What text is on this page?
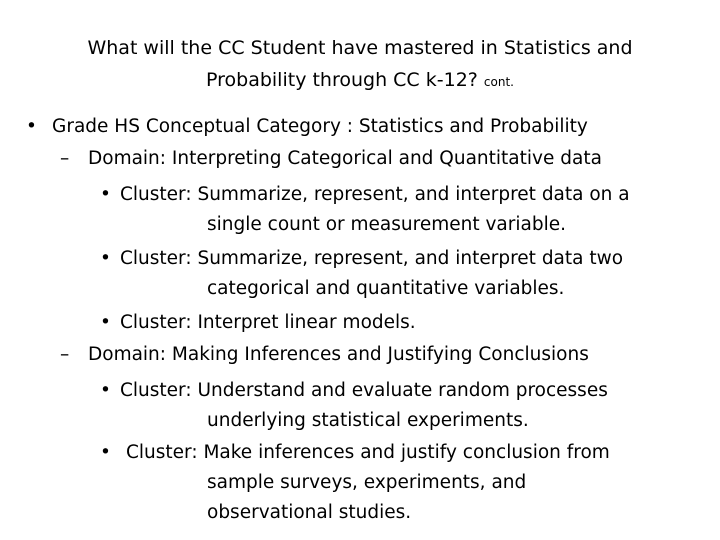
What will the CC Student have mastered in Statistics and
Probability through CC k-12? cont.
• Grade HS Conceptual Category : Statistics and Probability

– Domain: Interpreting Categorical and Quantitative data

• Cluster: Summarize, represent, and interpret data on a

single count or measurement variable.

• Cluster: Summarize, represent, and interpret data two

categorical and quantitative variables.

• Cluster: Interpret linear models.

– Domain: Making Inferences and Justifying Conclusions

• Cluster: Understand and evaluate random processes

underlying statistical experiments.

• Cluster: Make inferences and justify conclusion from

sample surveys, experiments, and

observational studies.
